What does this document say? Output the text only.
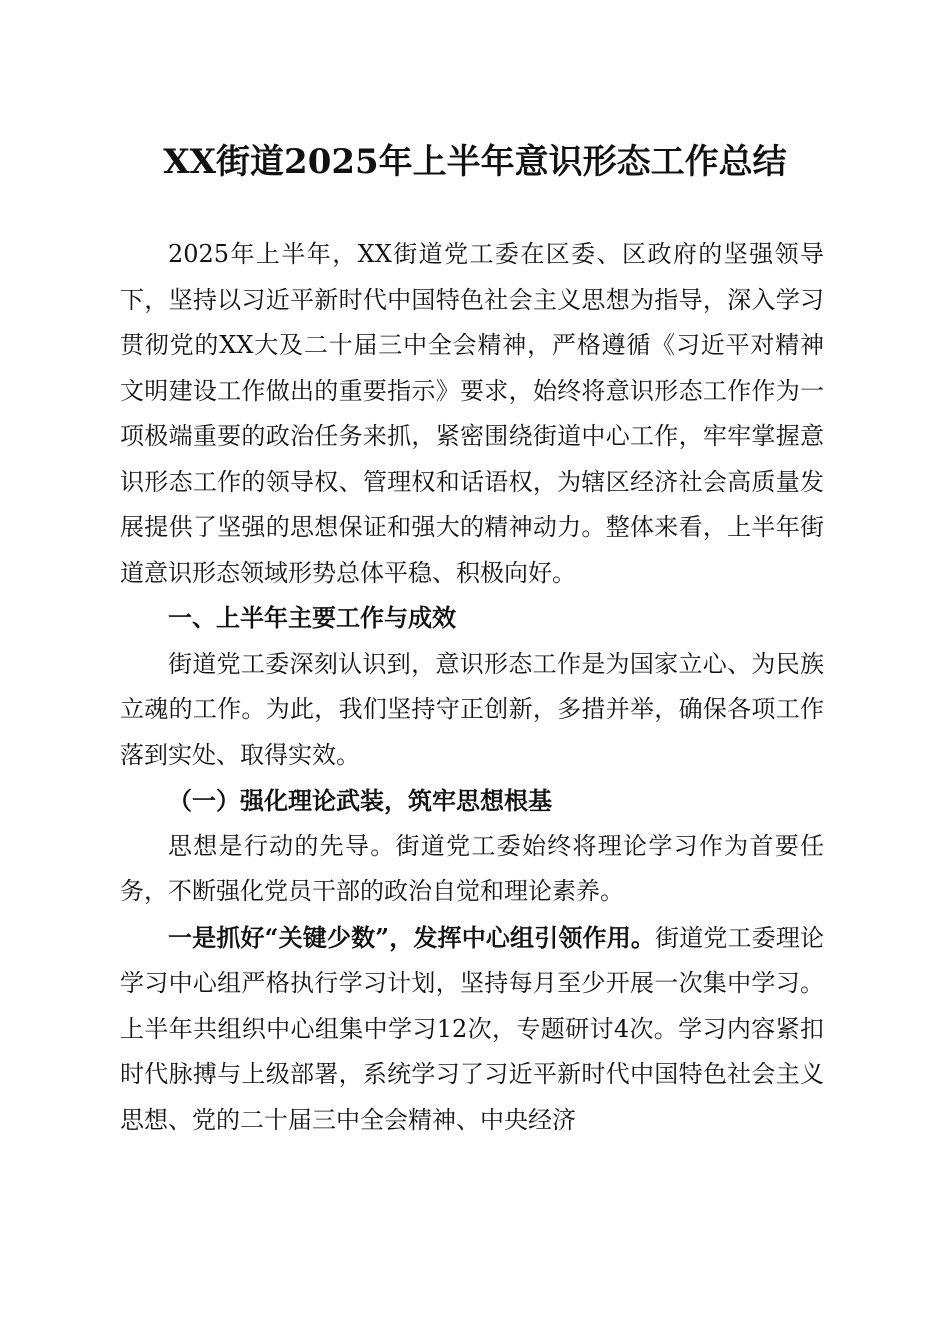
XX街道2025年上半年意识形态工作总结

2025年上半年，XX街道党工委在区委、区政府的坚强领导下，坚持以习近平新时代中国特色社会主义思想为指导，深入学习贯彻党的XX大及二十届三中全会精神，严格遵循《习近平对精神文明建设工作做出的重要指示》要求，始终将意识形态工作作为一项极端重要的政治任务来抓，紧密围绕街道中心工作，牢牢掌握意识形态工作的领导权、管理权和话语权，为辖区经济社会高质量发展提供了坚强的思想保证和强大的精神动力。整体来看，上半年街道意识形态领域形势总体平稳、积极向好。

一、上半年主要工作与成效

街道党工委深刻认识到，意识形态工作是为国家立心、为民族立魂的工作。为此，我们坚持守正创新，多措并举，确保各项工作落到实处、取得实效。

（一）强化理论武装，筑牢思想根基

思想是行动的先导。街道党工委始终将理论学习作为首要任务，不断强化党员干部的政治自觉和理论素养。

一是抓好“关键少数”，发挥中心组引领作用。街道党工委理论学习中心组严格执行学习计划，坚持每月至少开展一次集中学习。上半年共组织中心组集中学习12次，专题研讨4次。学习内容紧扣时代脉搏与上级部署，系统学习了习近平新时代中国特色社会主义思想、党的二十届三中全会精神、中央经济
